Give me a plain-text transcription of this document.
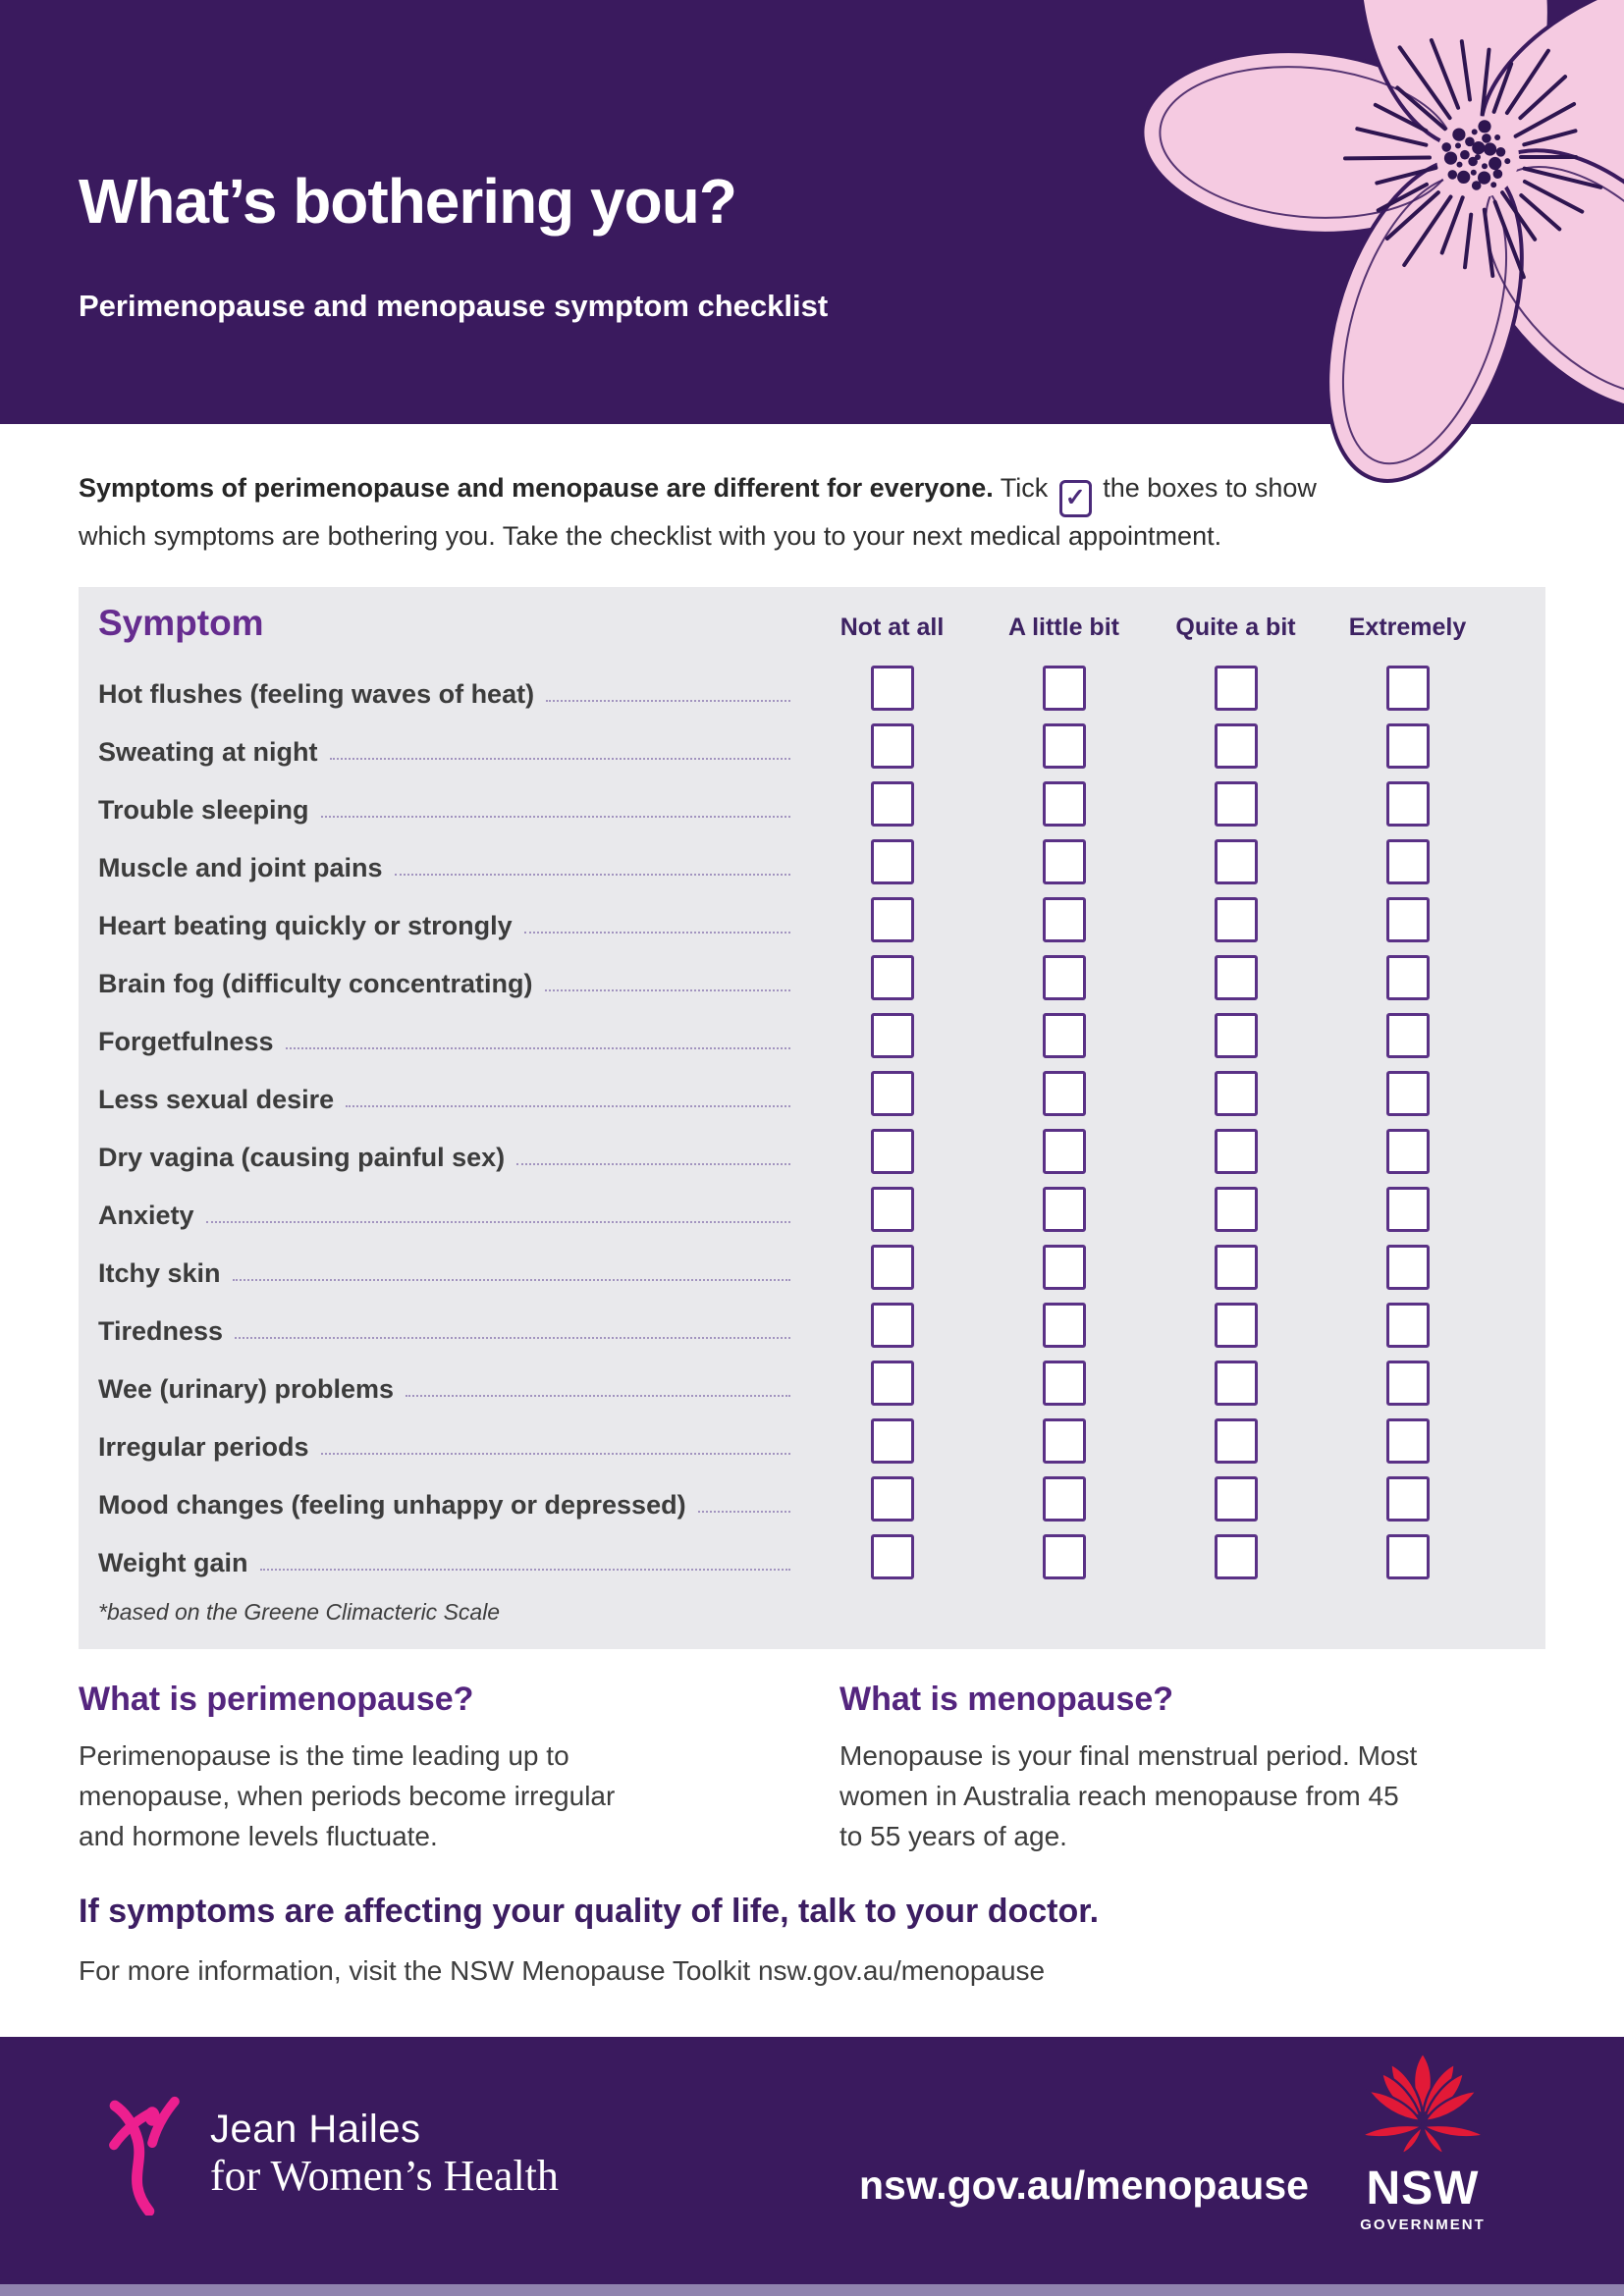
What’s bothering you?
Perimenopause and menopause symptom checklist

Symptoms of perimenopause and menopause are different for everyone. Tick ✓ the boxes to show
which symptoms are bothering you. Take the checklist with you to your next medical appointment.

Symptom	Not at all	A little bit	Quite a bit	Extremely
Hot flushes (feeling waves of heat)
Sweating at night
Trouble sleeping
Muscle and joint pains
Heart beating quickly or strongly
Brain fog (difficulty concentrating)
Forgetfulness
Less sexual desire
Dry vagina (causing painful sex)
Anxiety
Itchy skin
Tiredness
Wee (urinary) problems
Irregular periods
Mood changes (feeling unhappy or depressed)
Weight gain
*based on the Greene Climacteric Scale
What is perimenopause?

Perimenopause is the time leading up to menopause, when periods become irregular and hormone levels fluctuate.

What is menopause?

Menopause is your final menstrual period. Most women in Australia reach menopause from 45 to 55 years of age.

If symptoms are affecting your quality of life, talk to your doctor.

For more information, visit the NSW Menopause Toolkit nsw.gov.au/menopause

Jean Hailes
for Women’s Health	nsw.gov.au/menopause	NSW
GOVERNMENT
